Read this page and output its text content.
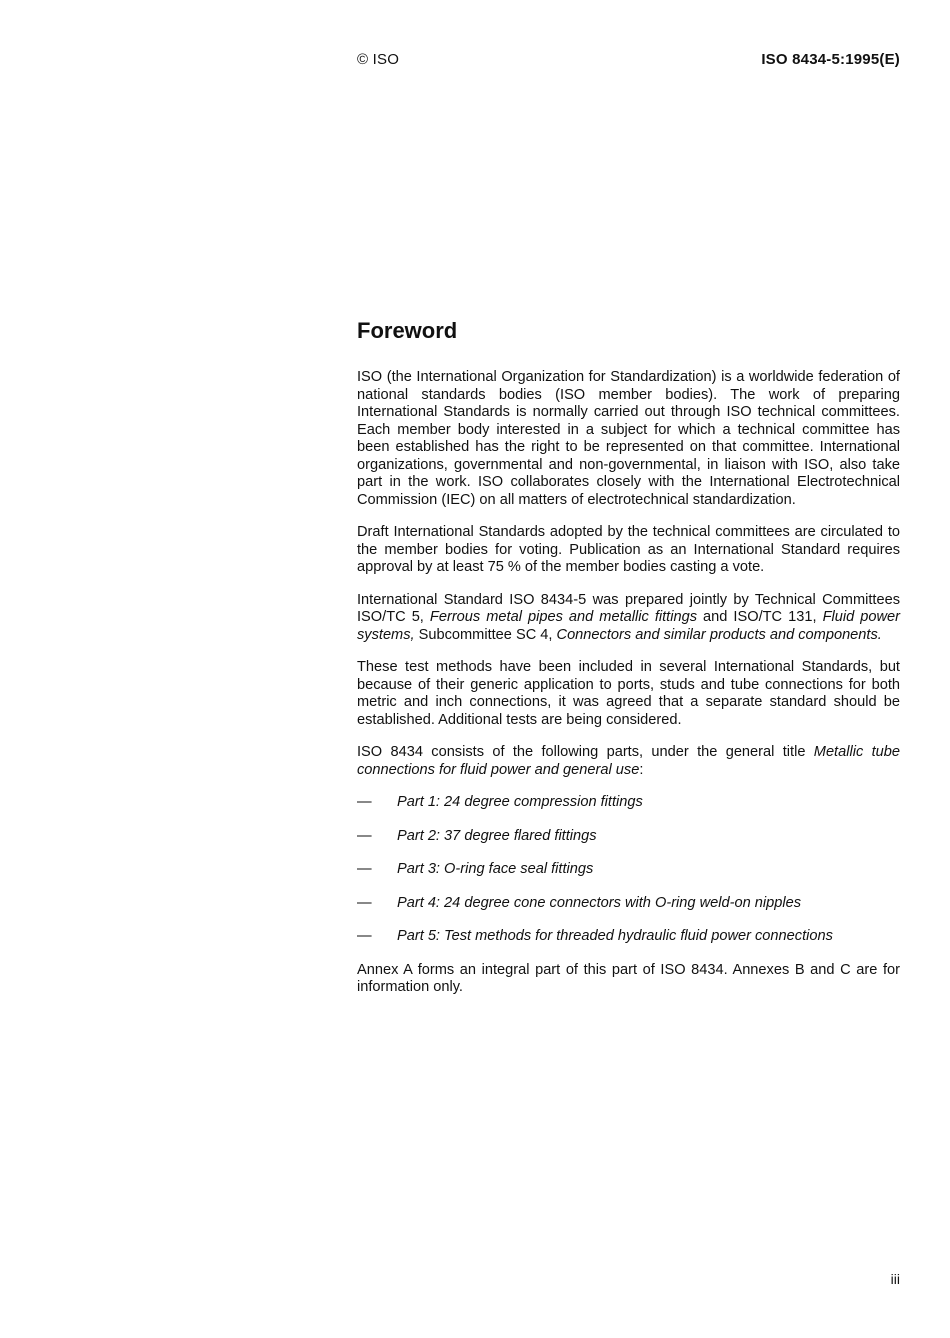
© ISO	ISO 8434-5:1995(E)
Foreword

ISO (the International Organization for Standardization) is a worldwide federation of national standards bodies (ISO member bodies). The work of preparing International Standards is normally carried out through ISO technical committees. Each member body interested in a subject for which a technical committee has been established has the right to be represented on that committee. International organizations, governmental and non-governmental, in liaison with ISO, also take part in the work. ISO collaborates closely with the International Electrotechnical Commission (IEC) on all matters of electrotechnical standardization.

Draft International Standards adopted by the technical committees are circulated to the member bodies for voting. Publication as an International Standard requires approval by at least 75 % of the member bodies casting a vote.

International Standard ISO 8434-5 was prepared jointly by Technical Committees ISO/TC 5, Ferrous metal pipes and metallic fittings and ISO/TC 131, Fluid power systems, Subcommittee SC 4, Connectors and similar products and components.

These test methods have been included in several International Standards, but because of their generic application to ports, studs and tube connections for both metric and inch connections, it was agreed that a separate standard should be established. Additional tests are being considered.

ISO 8434 consists of the following parts, under the general title Metallic tube connections for fluid power and general use:

— Part 1: 24 degree compression fittings
— Part 2: 37 degree flared fittings
— Part 3: O-ring face seal fittings
— Part 4: 24 degree cone connectors with O-ring weld-on nipples
— Part 5: Test methods for threaded hydraulic fluid power connections

Annex A forms an integral part of this part of ISO 8434. Annexes B and C are for information only.

iii
